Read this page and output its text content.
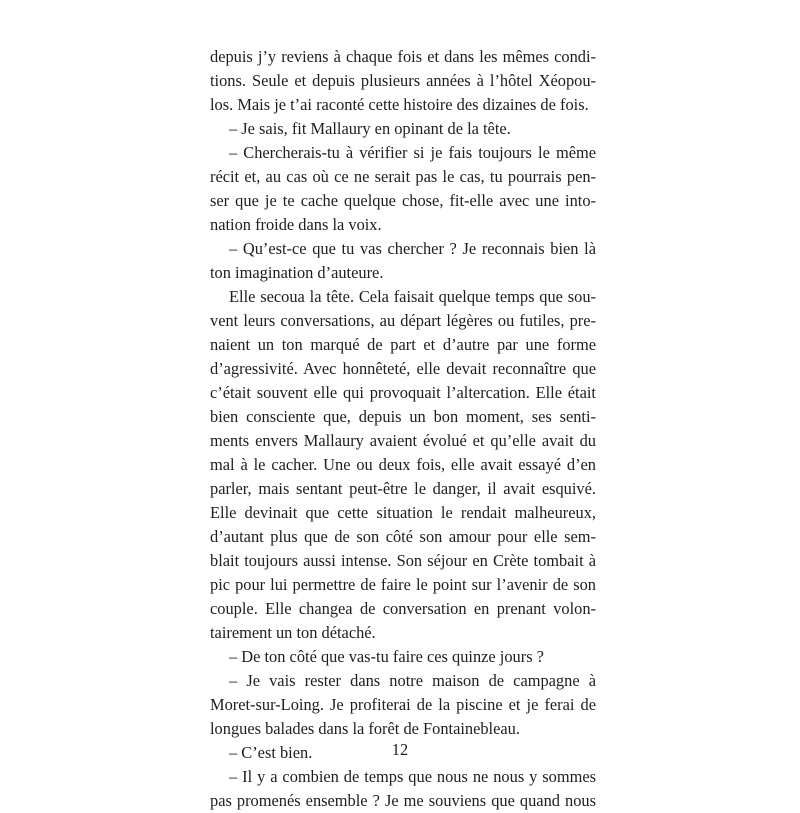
depuis j’y reviens à chaque fois et dans les mêmes condi-
tions. Seule et depuis plusieurs années à l’hôtel Xéopou-
los. Mais je t’ai raconté cette histoire des dizaines de fois.
– Je sais, fit Mallaury en opinant de la tête.
– Chercherais-tu à vérifier si je fais toujours le même
récit et, au cas où ce ne serait pas le cas, tu pourrais pen-
ser que je te cache quelque chose, fit-elle avec une into-
nation froide dans la voix.
– Qu’est-ce que tu vas chercher ? Je reconnais bien là
ton imagination d’auteure.
Elle secoua la tête. Cela faisait quelque temps que sou-
vent leurs conversations, au départ légères ou futiles, pre-
naient un ton marqué de part et d’autre par une forme
d’agressivité. Avec honnêteté, elle devait reconnaître que
c’était souvent elle qui provoquait l’altercation. Elle était
bien consciente que, depuis un bon moment, ses senti-
ments envers Mallaury avaient évolué et qu’elle avait du
mal à le cacher. Une ou deux fois, elle avait essayé d’en
parler, mais sentant peut-être le danger, il avait esquivé.
Elle devinait que cette situation le rendait malheureux,
d’autant plus que de son côté son amour pour elle sem-
blait toujours aussi intense. Son séjour en Crète tombait à
pic pour lui permettre de faire le point sur l’avenir de son
couple. Elle changea de conversation en prenant volon-
tairement un ton détaché.
– De ton côté que vas-tu faire ces quinze jours ?
– Je vais rester dans notre maison de campagne à
Moret-sur-Loing. Je profiterai de la piscine et je ferai de
longues balades dans la forêt de Fontainebleau.
– C’est bien.
– Il y a combien de temps que nous ne nous y sommes
pas promenés ensemble ? Je me souviens que quand nous
12
